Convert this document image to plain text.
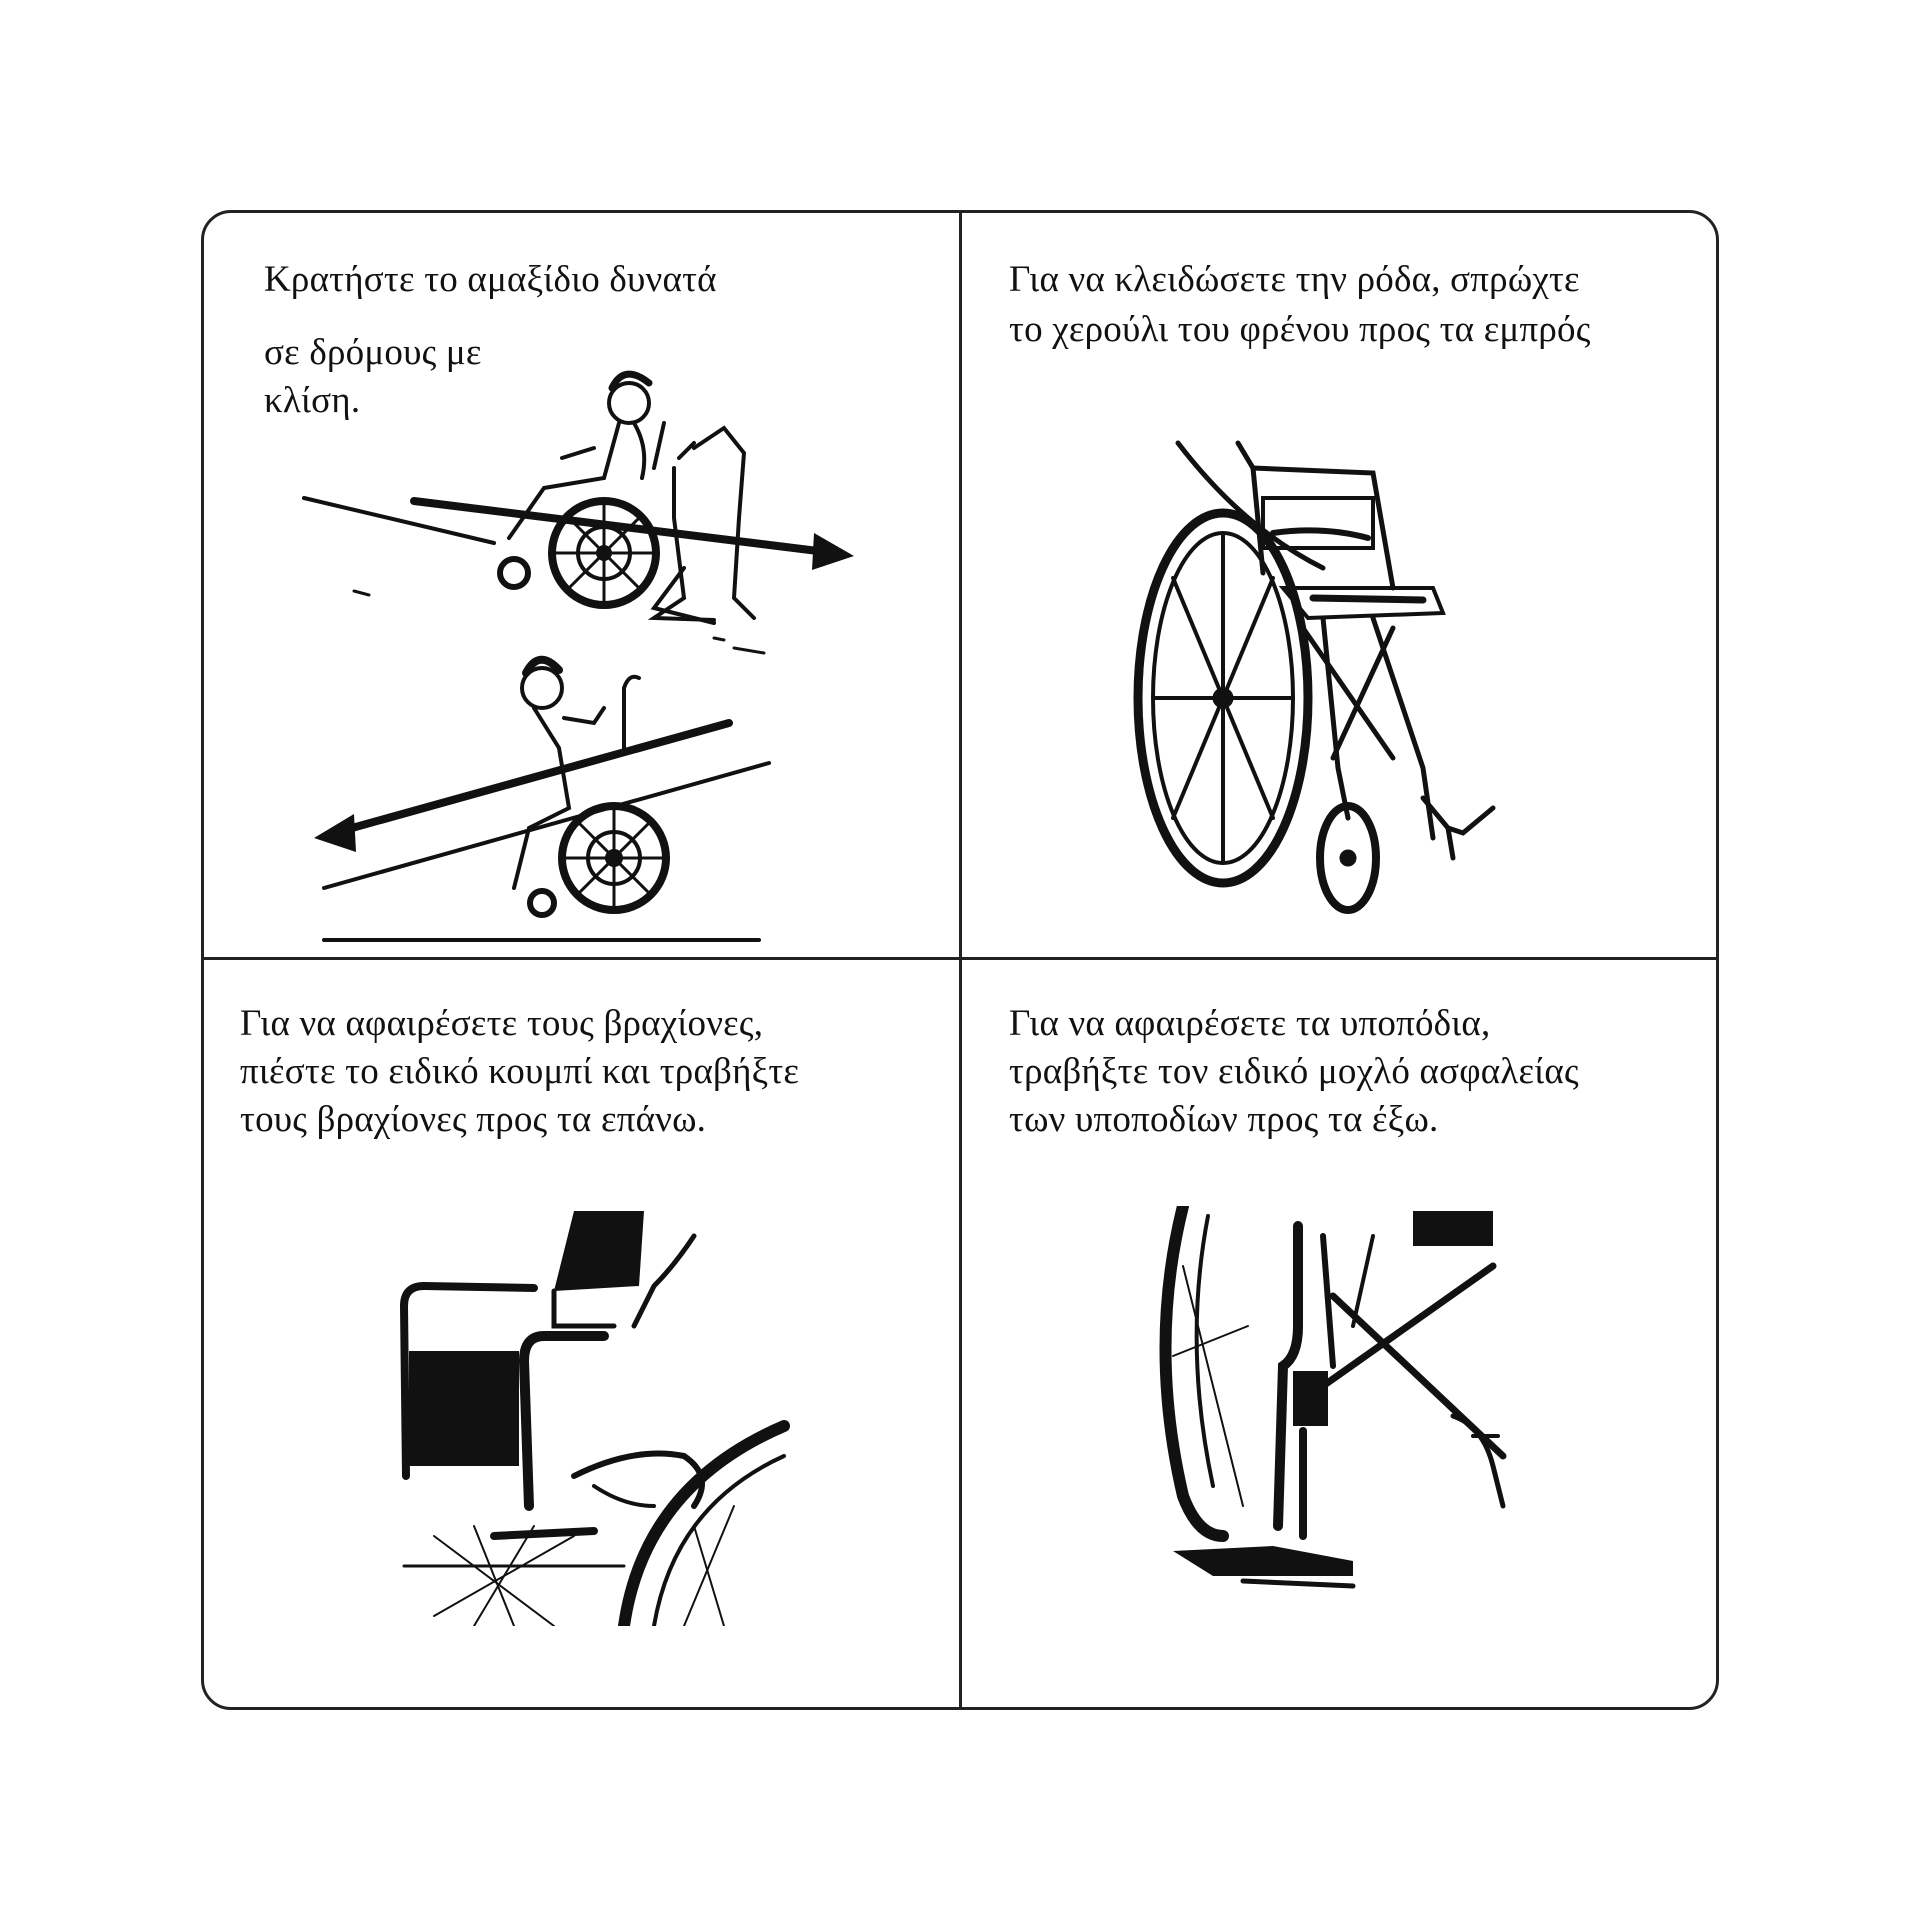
Κρατήστε το αμαξίδιο δυνατά
σε δρόμους με
κλίση.
Για να κλειδώσετε την ρόδα, σπρώχτε
το χερούλι του φρένου προς τα εμπρός
Για να αφαιρέσετε τους βραχίονες,
πιέστε το ειδικό κουμπί και τραβήξτε
τους βραχίονες προς τα επάνω.
Για να αφαιρέσετε τα υποπόδια,
τραβήξτε τον ειδικό μοχλό ασφαλείας
των υποποδίων προς τα έξω.
